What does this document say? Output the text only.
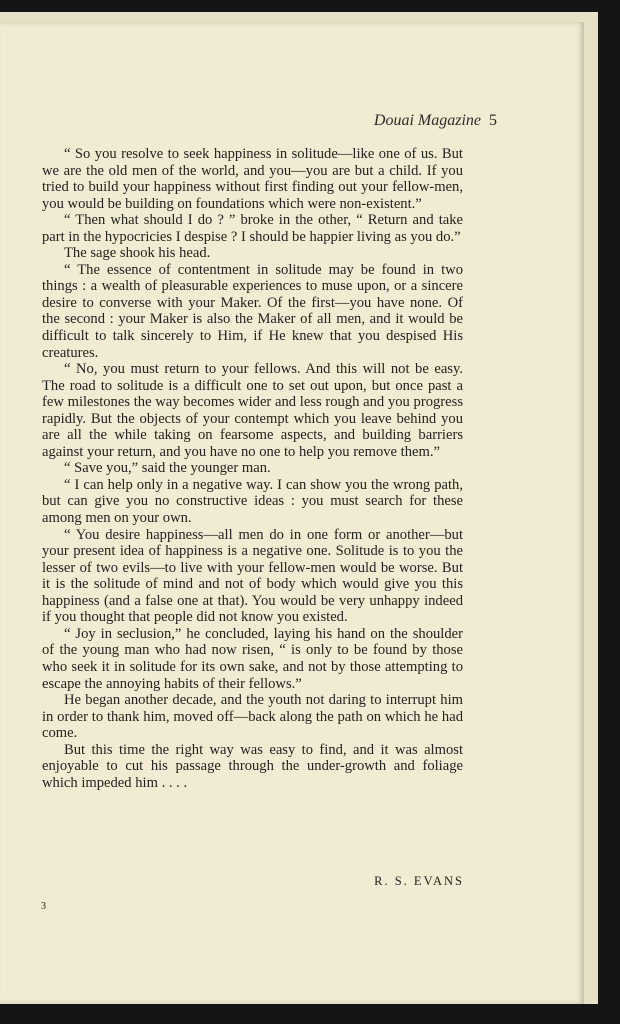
Douai Magazine 5

“ So you resolve to seek happiness in solitude—like one of us. But we are the old men of the world, and you—you are but a child. If you tried to build your happiness without first finding out your fellow-men, you would be building on foundations which were non-existent.”

“ Then what should I do ? ” broke in the other, “ Return and take part in the hypocricies I despise ? I should be happier living as you do.”

The sage shook his head.

“ The essence of contentment in solitude may be found in two things : a wealth of pleasurable experiences to muse upon, or a sincere desire to converse with your Maker. Of the first—you have none. Of the second : your Maker is also the Maker of all men, and it would be difficult to talk sincerely to Him, if He knew that you despised His creatures.

“ No, you must return to your fellows. And this will not be easy. The road to solitude is a difficult one to set out upon, but once past a few milestones the way becomes wider and less rough and you progress rapidly. But the objects of your contempt which you leave behind you are all the while taking on fearsome aspects, and building barriers against your return, and you have no one to help you remove them.”

“ Save you,” said the younger man.

“ I can help only in a negative way. I can show you the wrong path, but can give you no constructive ideas : you must search for these among men on your own.

“ You desire happiness—all men do in one form or another—but your present idea of happiness is a negative one. Solitude is to you the lesser of two evils—to live with your fellow-men would be worse. But it is the solitude of mind and not of body which would give you this happiness (and a false one at that). You would be very unhappy indeed if you thought that people did not know you existed.

“ Joy in seclusion,” he concluded, laying his hand on the shoulder of the young man who had now risen, “ is only to be found by those who seek it in solitude for its own sake, and not by those attempting to escape the annoying habits of their fellows.”

He began another decade, and the youth not daring to interrupt him in order to thank him, moved off—back along the path on which he had come.

But this time the right way was easy to find, and it was almost enjoyable to cut his passage through the under-growth and foliage which impeded him . . . .

R. S. EVANS
3
